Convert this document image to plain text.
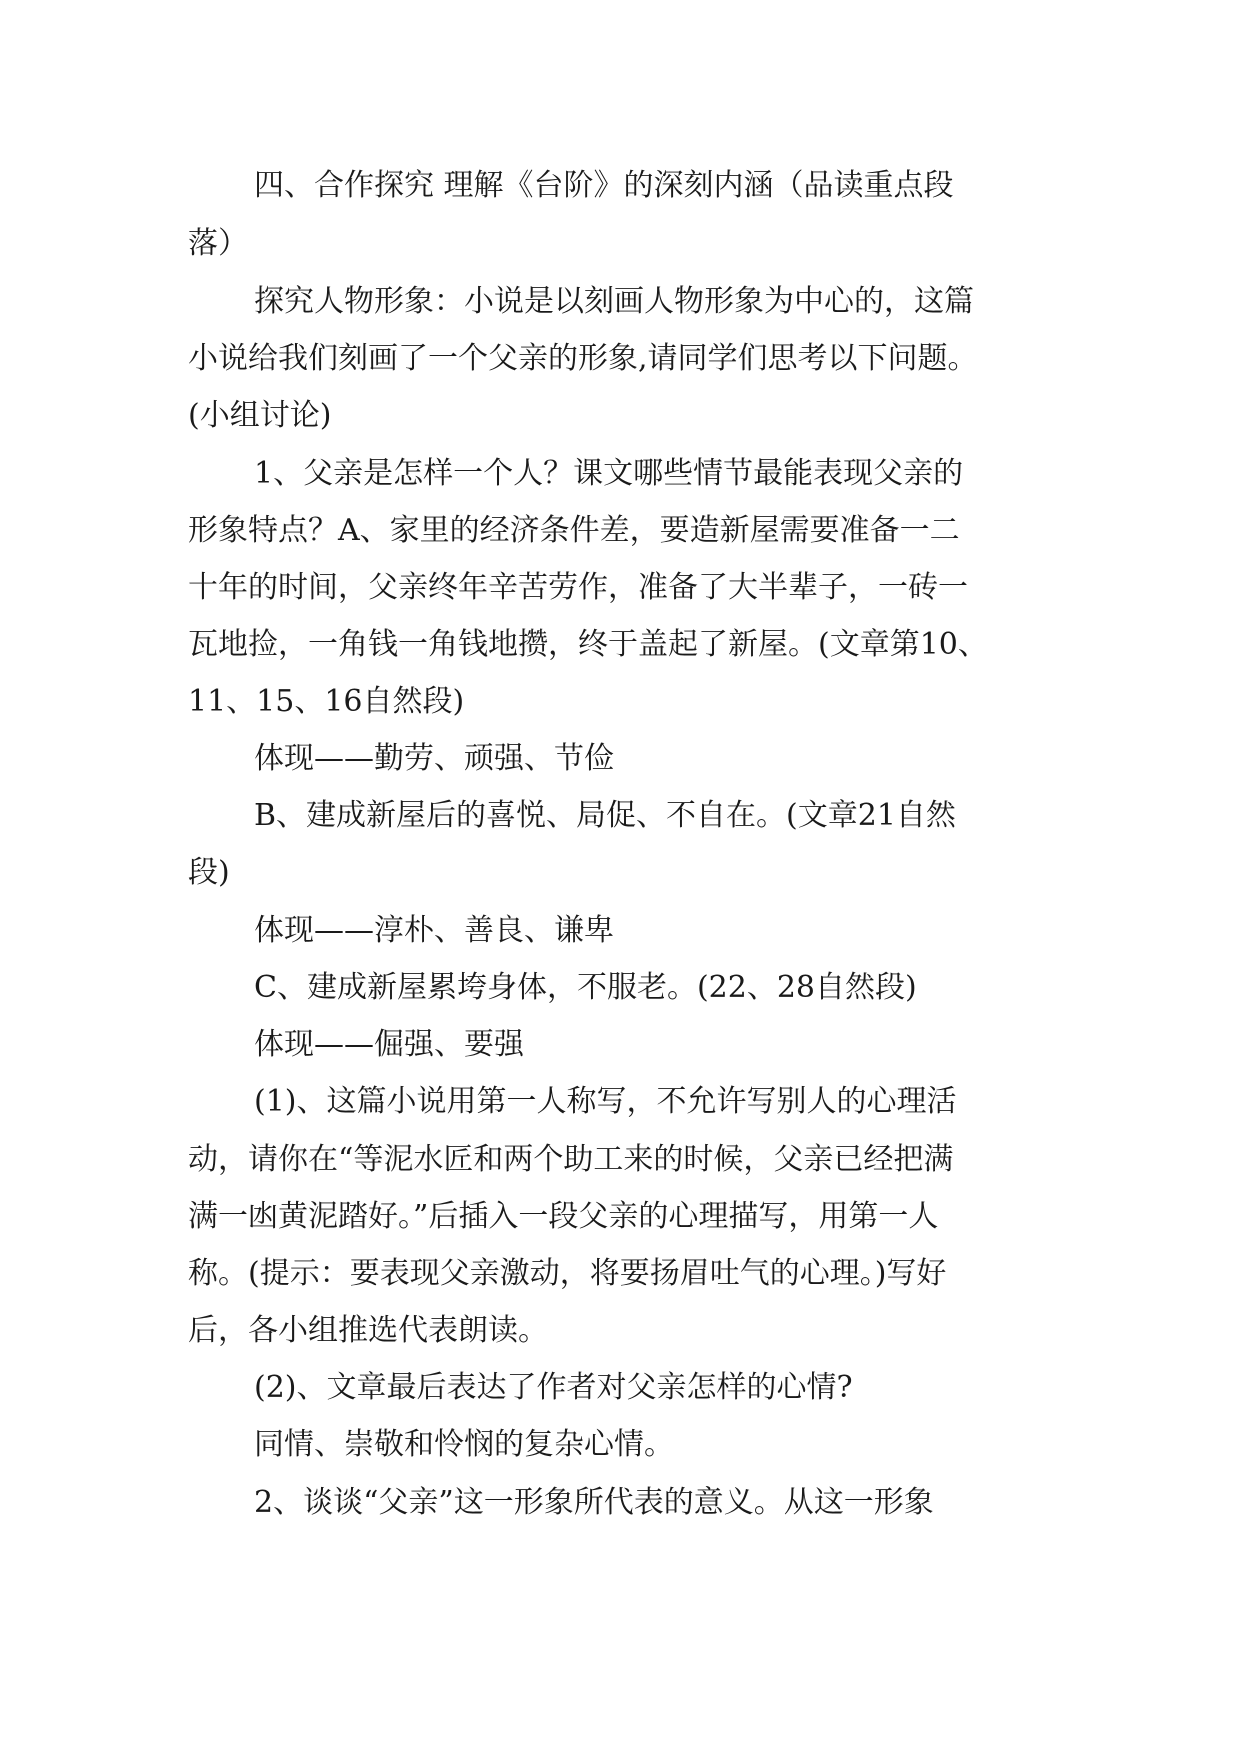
四、合作探究 理解《台阶》的深刻内涵（品读重点段

落）

探究人物形象：小说是以刻画人物形象为中心的，这篇

小说给我们刻画了一个父亲的形象,请同学们思考以下问题。

(小组讨论)

1、父亲是怎样一个人？课文哪些情节最能表现父亲的

形象特点？A、家里的经济条件差，要造新屋需要准备一二

十年的时间，父亲终年辛苦劳作，准备了大半辈子，一砖一

瓦地捡，一角钱一角钱地攒，终于盖起了新屋。(文章第10、

11、15、16自然段)

体现——勤劳、顽强、节俭

B、建成新屋后的喜悦、局促、不自在。(文章21自然

段)

体现——淳朴、善良、谦卑

C、建成新屋累垮身体，不服老。(22、28自然段)

体现——倔强、要强

(1)、这篇小说用第一人称写，不允许写别人的心理活

动，请你在“等泥水匠和两个助工来的时候，父亲已经把满

满一凼黄泥踏好。”后插入一段父亲的心理描写，用第一人

称。(提示：要表现父亲激动，将要扬眉吐气的心理。)写好

后，各小组推选代表朗读。

(2)、文章最后表达了作者对父亲怎样的心情?

同情、崇敬和怜悯的复杂心情。

2、谈谈“父亲”这一形象所代表的意义。从这一形象
